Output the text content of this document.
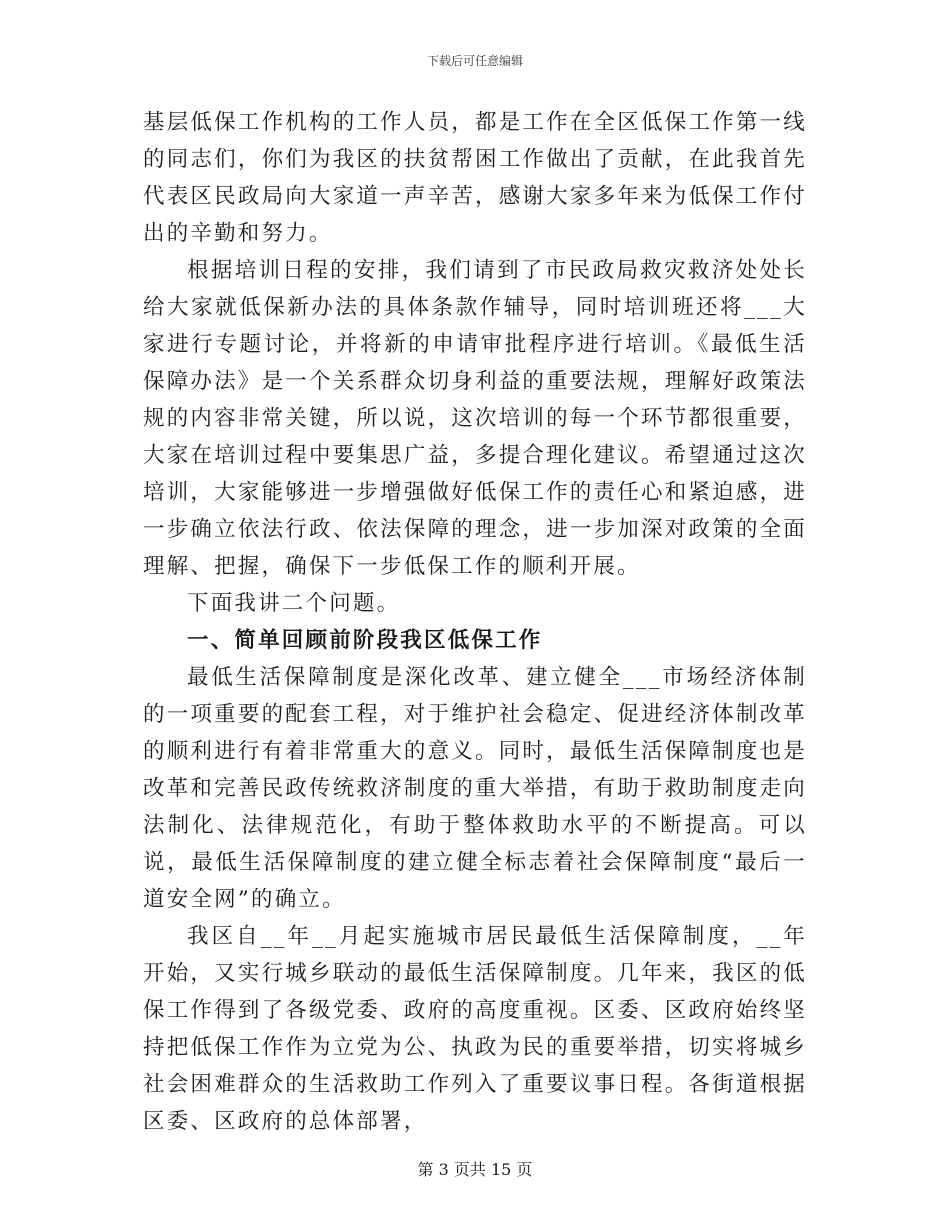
下载后可任意编辑

基层低保工作机构的工作人员，都是工作在全区低保工作第一线的同志们，你们为我区的扶贫帮困工作做出了贡献，在此我首先代表区民政局向大家道一声辛苦，感谢大家多年来为低保工作付出的辛勤和努力。

根据培训日程的安排，我们请到了市民政局救灾救济处处长给大家就低保新办法的具体条款作辅导，同时培训班还将___大家进行专题讨论，并将新的申请审批程序进行培训。《最低生活保障办法》是一个关系群众切身利益的重要法规，理解好政策法规的内容非常关键，所以说，这次培训的每一个环节都很重要，大家在培训过程中要集思广益，多提合理化建议。希望通过这次培训，大家能够进一步增强做好低保工作的责任心和紧迫感，进一步确立依法行政、依法保障的理念，进一步加深对政策的全面理解、把握，确保下一步低保工作的顺利开展。

下面我讲二个问题。

一、简单回顾前阶段我区低保工作

最低生活保障制度是深化改革、建立健全___市场经济体制的一项重要的配套工程，对于维护社会稳定、促进经济体制改革的顺利进行有着非常重大的意义。同时，最低生活保障制度也是改革和完善民政传统救济制度的重大举措，有助于救助制度走向法制化、法律规范化，有助于整体救助水平的不断提高。可以说，最低生活保障制度的建立健全标志着社会保障制度“最后一道安全网”的确立。

我区自__年__月起实施城市居民最低生活保障制度，__年开始，又实行城乡联动的最低生活保障制度。几年来，我区的低保工作得到了各级党委、政府的高度重视。区委、区政府始终坚持把低保工作作为立党为公、执政为民的重要举措，切实将城乡社会困难群众的生活救助工作列入了重要议事日程。各街道根据区委、区政府的总体部署，

第 3 页共 15 页
